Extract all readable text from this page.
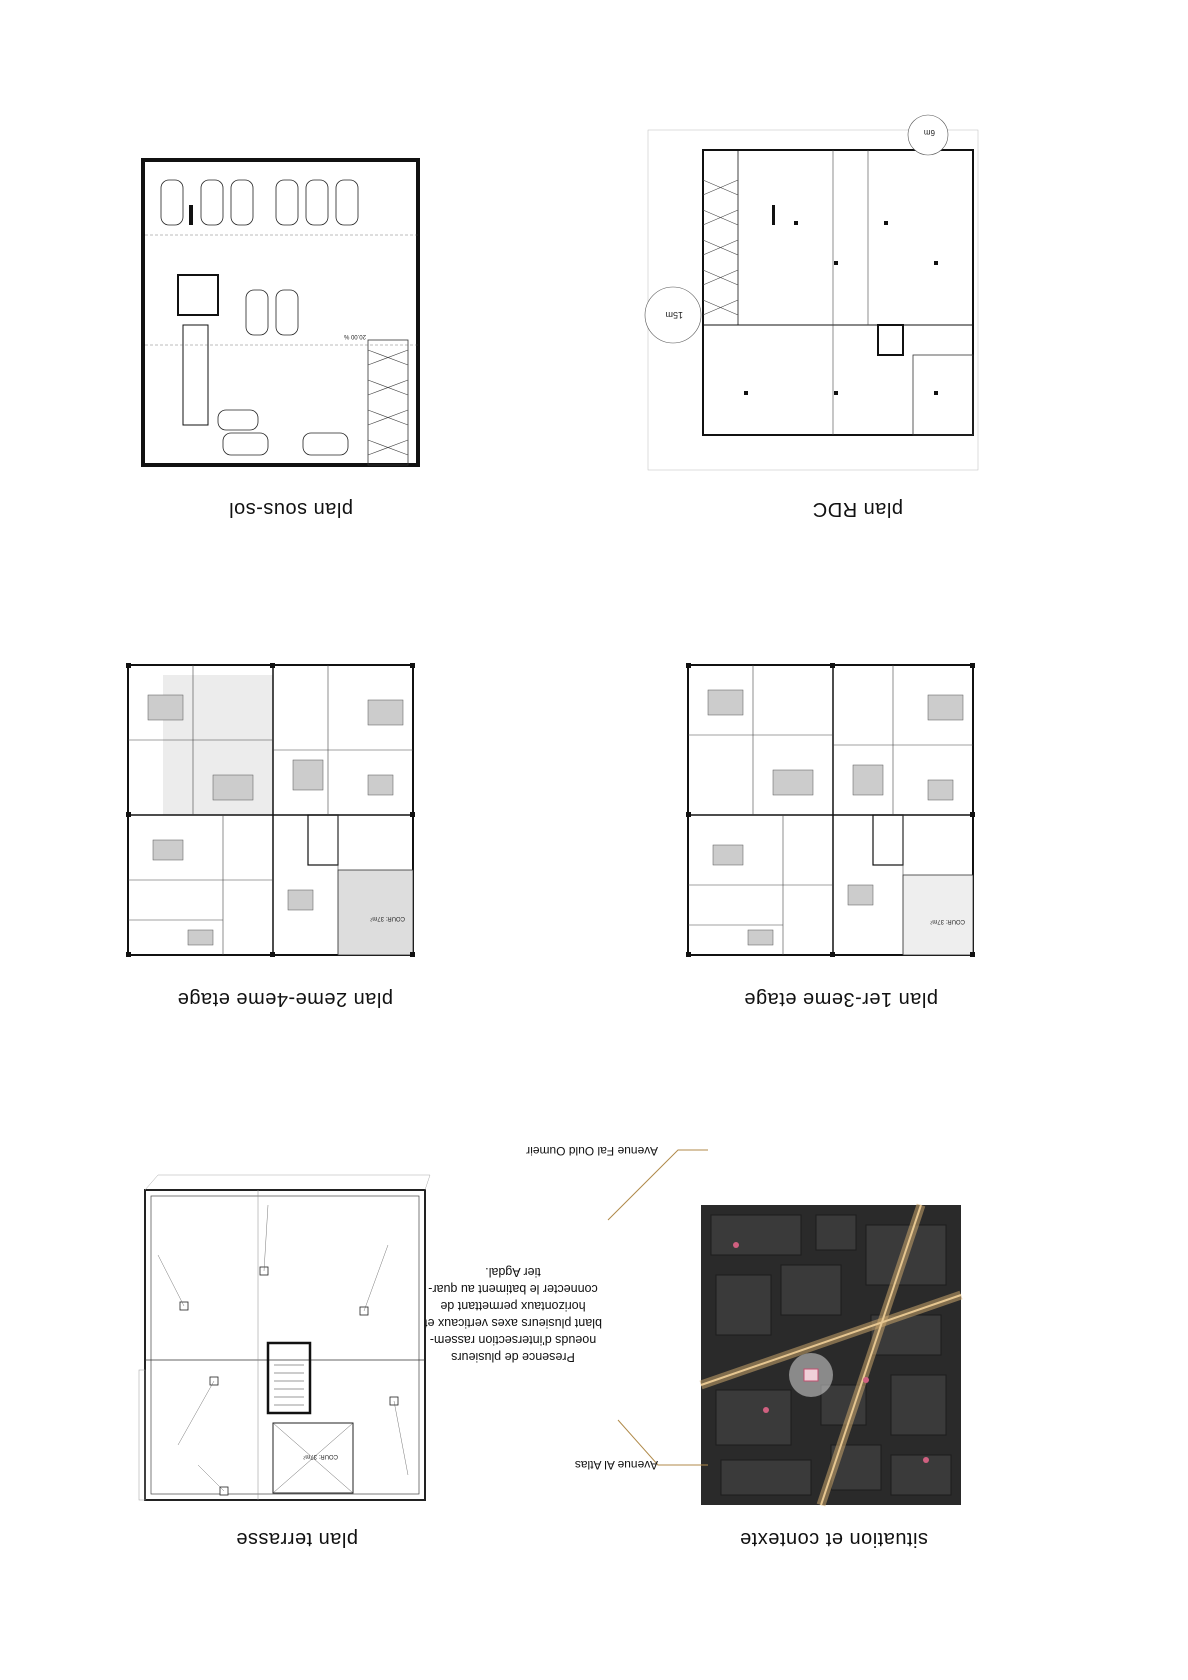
situation et contexte
Avenue Al Atlas
Avenue Fal Ould Oumeir
Presence de plusieurs
noeuds d'intersection rassem-
blant plusieurs axes verticaux et
horizontaux permettant de
connecter le batiment au quar-
tier Agdal.
plan terrasse
COUR: 37m²
plan 1er-3eme etage
COUR: 37m²
plan 2eme-4eme etage
COUR: 37m²
plan RDC
15m
6m
plan sous-sol
20.00 %
